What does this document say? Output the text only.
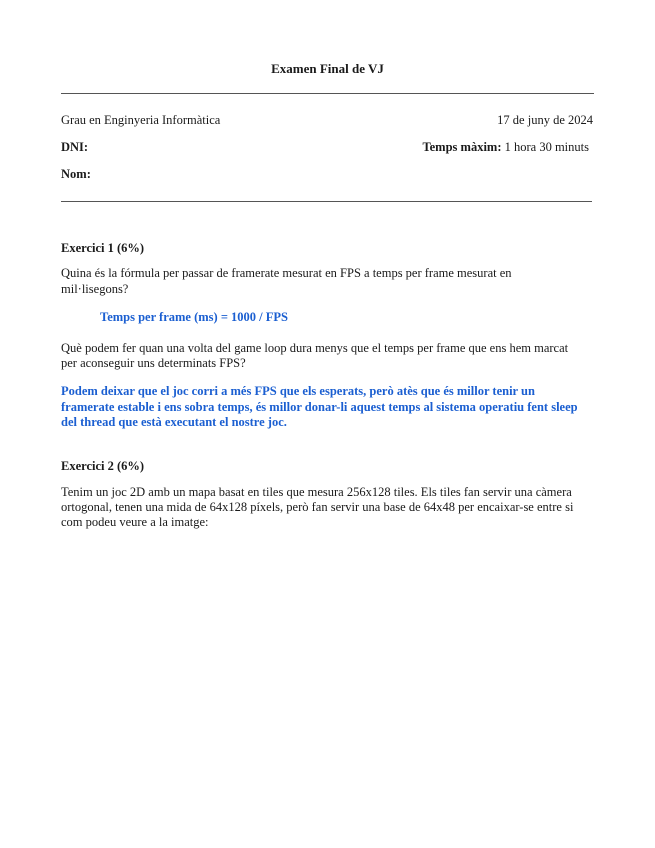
Examen Final de VJ
Grau en Enginyeria Informàtica	17 de juny de 2024
DNI:	Temps màxim: 1 hora 30 minuts
Nom:
Exercici 1 (6%)
Quina és la fórmula per passar de framerate mesurat en FPS a temps per frame mesurat en
mil·lisegons?
Temps per frame (ms) = 1000 / FPS
Què podem fer quan una volta del game loop dura menys que el temps per frame que ens hem marcat
per aconseguir uns determinats FPS?
Podem deixar que el joc corri a més FPS que els esperats, però atès que és millor tenir un
framerate estable i ens sobra temps, és millor donar-li aquest temps al sistema operatiu fent sleep
del thread que està executant el nostre joc.
Exercici 2 (6%)
Tenim un joc 2D amb un mapa basat en tiles que mesura 256x128 tiles. Els tiles fan servir una càmera
ortogonal, tenen una mida de 64x128 píxels, però fan servir una base de 64x48 per encaixar-se entre si
com podeu veure a la imatge:
